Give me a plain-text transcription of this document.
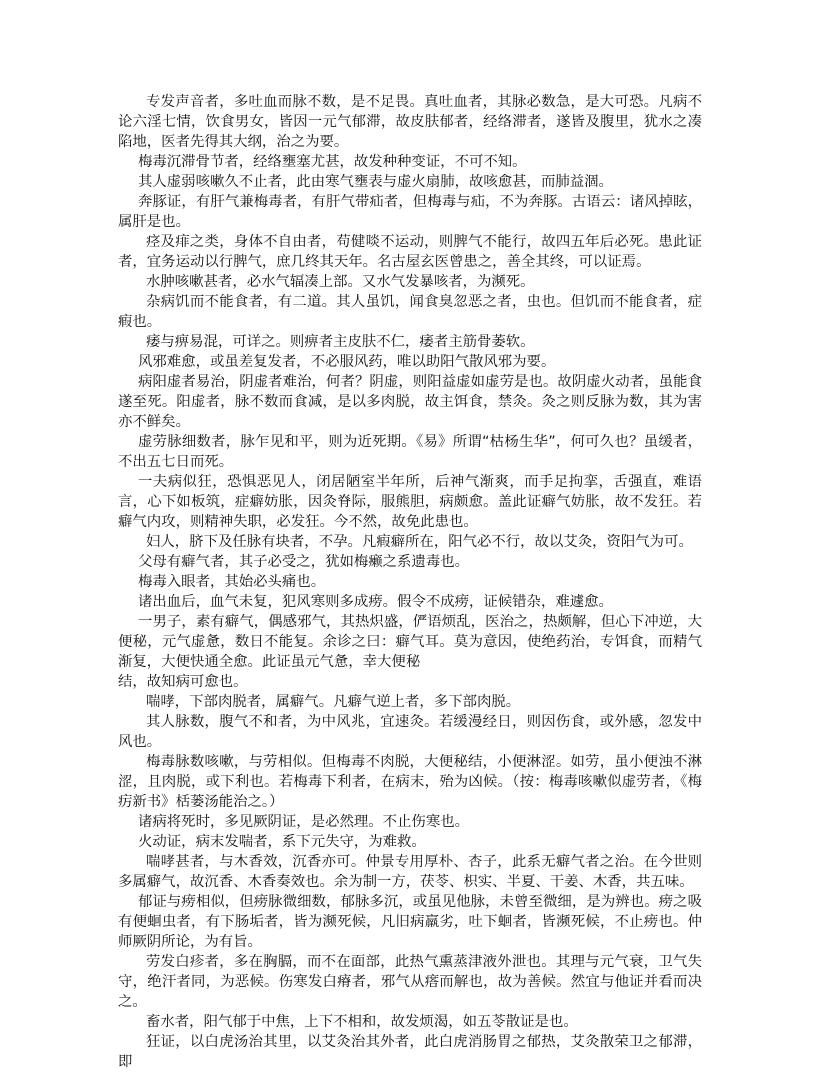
专发声音者，多吐血而脉不数，是不足畏。真吐血者，其脉必数急，是大可恐。凡病不论六淫七情，饮食男女，皆因一元气郁滞，故皮肤郁者，经络滞者，遂皆及腹里，犹水之凑陷地，医者先得其大纲，治之为要。

梅毒沉滞骨节者，经络壅塞尤甚，故发种种变证，不可不知。

其人虚弱咳嗽久不止者，此由寒气壅表与虚火扇肺，故咳愈甚，而肺益涸。

奔豚证，有肝气兼梅毒者，有肝气带疝者，但梅毒与疝，不为奔豚。古语云：诸风掉眩，属肝是也。

痉及痱之类，身体不自由者，苟健啖不运动，则脾气不能行，故四五年后必死。患此证者，宜务运动以行脾气，庶几终其天年。名古屋玄医曾患之，善全其终，可以证焉。

水肿咳嗽甚者，必水气辐凑上部。又水气发暴咳者，为濒死。

杂病饥而不能食者，有二道。其人虽饥，闻食臭忽恶之者，虫也。但饥而不能食者，症瘕也。

痿与痹易混，可详之。则痹者主皮肤不仁，痿者主筋骨萎软。

风邪难愈，或虽差复发者，不必服风药，唯以助阳气散风邪为要。

病阳虚者易治，阴虚者难治，何者？阴虚，则阳益虚如虚劳是也。故阴虚火动者，虽能食遂至死。阳虚者，脉不数而食减，是以多肉脱，故主饵食，禁灸。灸之则反脉为数，其为害亦不鲜矣。

虚劳脉细数者，脉乍见和平，则为近死期。《易》所谓“枯杨生华”，何可久也？虽缓者，不出五七日而死。

一夫病似狂，恐惧恶见人，闭居陋室半年所，后神气渐爽，而手足拘挛，舌强直，难语言，心下如板筑，症癖妨胀，因灸脊际，服熊胆，病颇愈。盖此证癖气妨胀，故不发狂。若癖气内攻，则精神失职，必发狂。今不然，故免此患也。

妇人，脐下及任脉有块者，不孕。凡瘕癖所在，阳气必不行，故以艾灸，资阳气为可。

父母有癖气者，其子必受之，犹如梅癞之系遗毒也。

梅毒入眼者，其始必头痛也。

诸出血后，血气未复，犯风寒则多成痨。假令不成痨，证候错杂，难遽愈。

一男子，素有癖气，偶感邪气，其热炽盛，俨语烦乱，医治之，热颇解，但心下冲逆，大便秘，元气虚惫，数日不能复。余诊之曰：癖气耳。莫为意因，使绝药治，专饵食，而精气渐复，大便快通全愈。此证虽元气惫，幸大便秘

结，故知病可愈也。

喘哮，下部肉脱者，属癖气。凡癖气逆上者，多下部肉脱。

其人脉数，腹气不和者，为中风兆，宜速灸。若缓漫经日，则因伤食，或外感，忽发中风也。

梅毒脉数咳嗽，与劳相似。但梅毒不肉脱，大便秘结，小便淋涩。如劳，虽小便浊不淋涩，且肉脱，或下利也。若梅毒下利者，在病末，殆为凶候。（按：梅毒咳嗽似虚劳者，《梅疠新书》栝蒌汤能治之。）

诸病将死时，多见厥阴证，是必然理。不止伤寒也。

火动证，病末发喘者，系下元失守，为难救。

喘哮甚者，与木香效，沉香亦可。仲景专用厚朴、杏子，此系无癖气者之治。在今世则多属癖气，故沉香、木香奏效也。余为制一方，茯苓、枳实、半夏、干姜、木香，共五味。

郁证与痨相似，但痨脉微细数，郁脉多沉，或虽见他脉，未曾至微细，是为辨也。痨之吸有便蛔虫者，有下肠垢者，皆为濒死候，凡旧病羸劣，吐下蛔者，皆濒死候，不止痨也。仲师厥阴所论，为有旨。

劳发白疹者，多在胸膈，而不在面部，此热气熏蒸津液外泄也。其理与元气衰，卫气失守，绝汗者同，为恶候。伤寒发白瘠者，邪气从瘩而解也，故为善候。然宜与他证并看而决之。

畜水者，阳气郁于中焦，上下不相和，故发烦渴，如五苓散证是也。

狂证，以白虎汤治其里，以艾灸治其外者，此白虎消肠胃之郁热，艾灸散荣卫之郁滞，即
